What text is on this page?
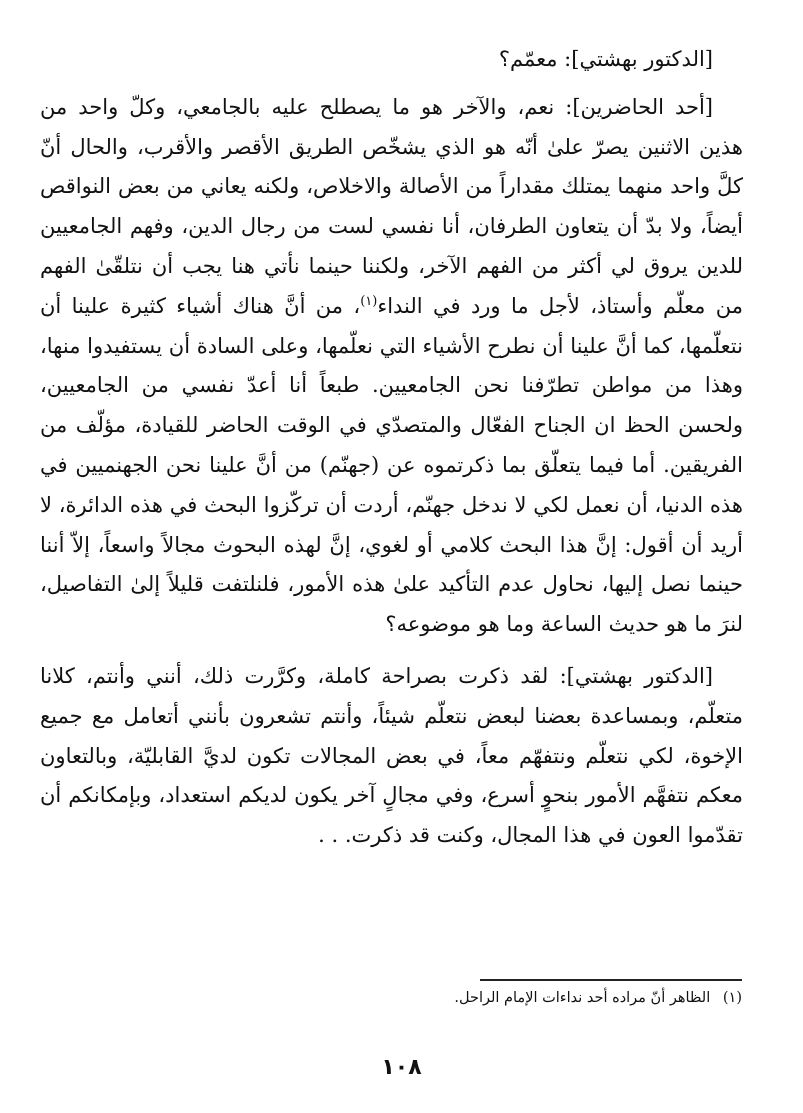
[الدكتور بهشتي]: معمّم؟

[أحد الحاضرين]: نعم، والآخر هو ما يصطلح عليه بالجامعي، وكلّ واحد من هذين الاثنين يصرّ علىٰ أنّه هو الذي يشخّص الطريق الأقصر والأقرب، والحال أنّ كلَّ واحد منهما يمتلك مقداراً من الأصالة والاخلاص، ولكنه يعاني من بعض النواقص أيضاً، ولا بدّ أن يتعاون الطرفان، أنا نفسي لست من رجال الدين، وفهم الجامعيين للدين يروق لي أكثر من الفهم الآخر، ولكننا حينما نأتي هنا يجب أن نتلقّىٰ الفهم من معلّم وأستاذ، لأجل ما ورد في النداء$^{(١)}$، من أنَّ هناك أشياء كثيرة علينا أن نتعلّمها، كما أنَّ علينا أن نطرح الأشياء التي نعلّمها، وعلى السادة أن يستفيدوا منها، وهذا من مواطن تطرّفنا نحن الجامعيين. طبعاً أنا أعدّ نفسي من الجامعيين، ولحسن الحظ ان الجناح الفعّال والمتصدّي في الوقت الحاضر للقيادة، مؤلّف من الفريقين. أما فيما يتعلّق بما ذكرتموه عن (جهنّم) من أنَّ علينا نحن الجهنميين في هذه الدنيا، أن نعمل لكي لا ندخل جهنّم، أردت أن تركّزوا البحث في هذه الدائرة، لا أريد أن أقول: إنَّ هذا البحث كلامي أو لغوي، إنَّ لهذه البحوث مجالاً واسعاً، إلاّ أننا حينما نصل إليها، نحاول عدم التأكيد علىٰ هذه الأمور، فلنلتفت قليلاً إلىٰ التفاصيل، لنرَ ما هو حديث الساعة وما هو موضوعه؟

[الدكتور بهشتي]: لقد ذكرت بصراحة كاملة، وكرَّرت ذلك، أنني وأنتم، كلانا متعلّم، وبمساعدة بعضنا لبعض نتعلّم شيئاً، وأنتم تشعرون بأنني أتعامل مع جميع الإخوة، لكي نتعلّم ونتفهّم معاً، في بعض المجالات تكون لديَّ القابليّة، وبالتعاون معكم نتفهَّم الأمور بنحوٍ أسرع، وفي مجالٍ آخر يكون لديكم استعداد، وبإمكانكم أن تقدّموا العون في هذا المجال، وكنت قد ذكرت. . .

(١) الظاهر أنّ مراده أحد نداءات الإمام الراحل.
١٠٨
